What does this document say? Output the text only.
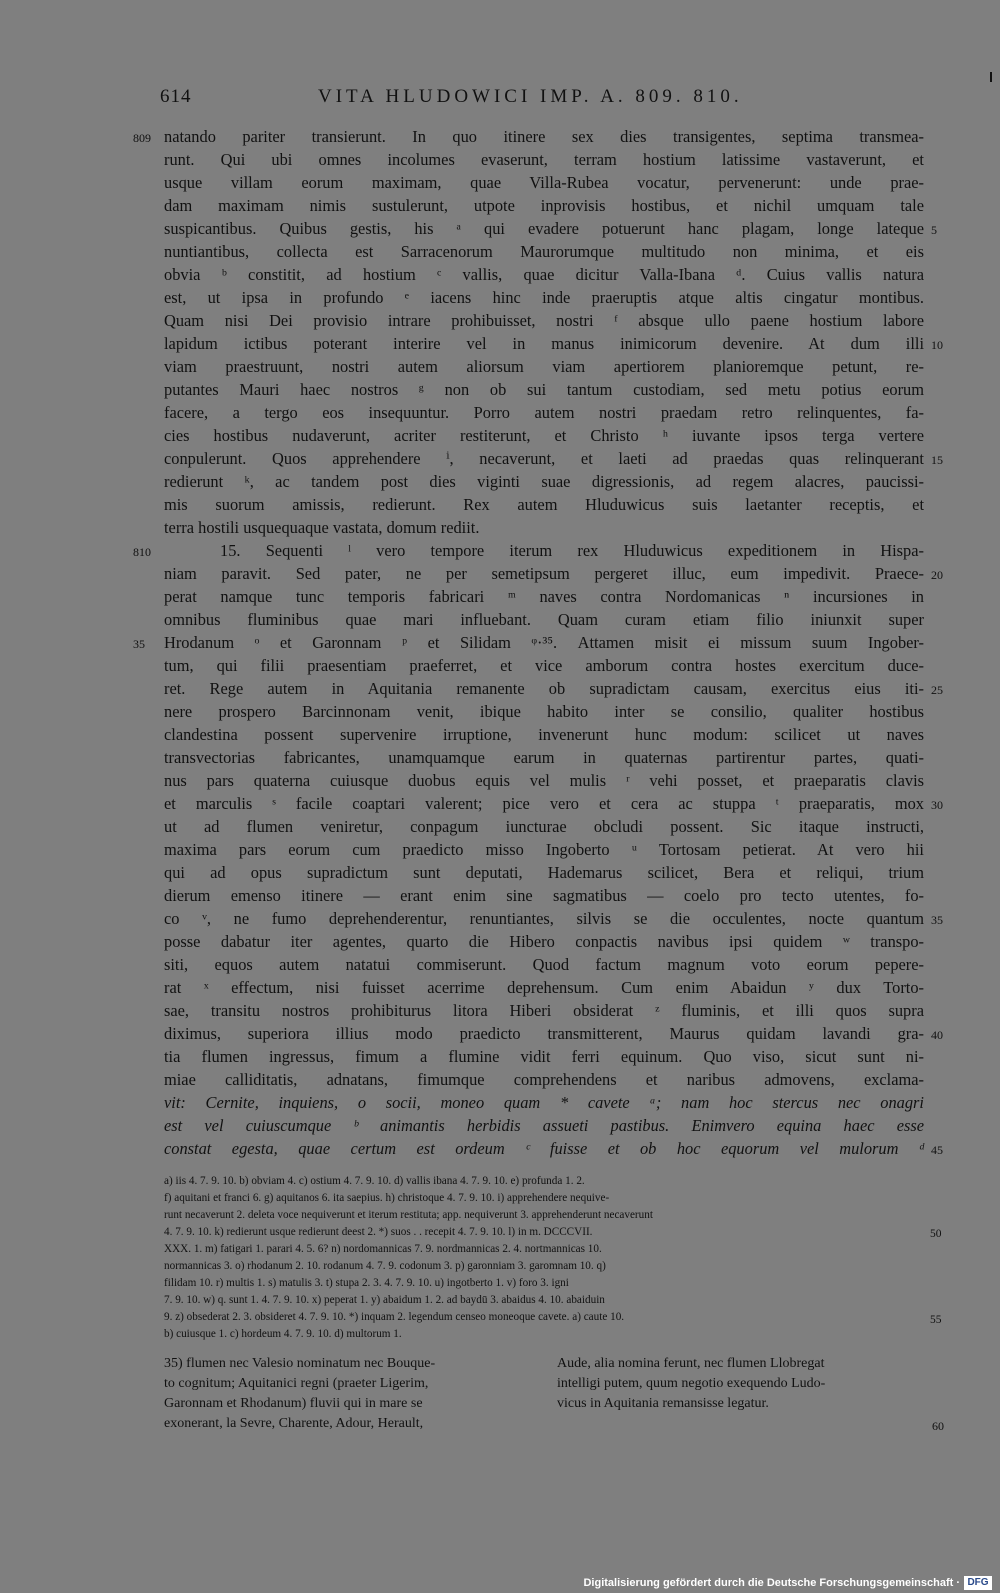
614	VITA HLUDOWICI IMP. A. 809. 810.
natando pariter transierunt. In quo itinere sex dies transigentes, septima transmea-
runt. Qui ubi omnes incolumes evaserunt, terram hostium latissime vastaverunt, et
usque villam eorum maximam, quae Villa-Rubea vocatur, pervenerunt: unde prae-
dam maximam nimis sustulerunt, utpote inprovisis hostibus, et nichil umquam tale
suspicantibus. Quibus gestis, his ᵃ qui evadere potuerunt hanc plagam, longe lateque
nuntiantibus, collecta est Sarracenorum Maurorumque multitudo non minima, et eis
obvia ᵇ constitit, ad hostium ᶜ vallis, quae dicitur Valla-Ibana ᵈ. Cuius vallis natura
est, ut ipsa in profundo ᵉ iacens hinc inde praeruptis atque altis cingatur montibus.
Quam nisi Dei provisio intrare prohibuisset, nostri ᶠ absque ullo paene hostium labore
lapidum ictibus poterant interire vel in manus inimicorum devenire. At dum illi
viam praestruunt, nostri autem aliorsum viam apertiorem planioremque petunt, re-
putantes Mauri haec nostros ᵍ non ob sui tantum custodiam, sed metu potius eorum
facere, a tergo eos insequuntur. Porro autem nostri praedam retro relinquentes, fa-
cies hostibus nudaverunt, acriter restiterunt, et Christo ʰ iuvante ipsos terga vertere
conpulerunt. Quos apprehendere ⁱ, necaverunt, et laeti ad praedas quas relinquerant
redierunt ᵏ, ac tandem post dies viginti suae digressionis, ad regem alacres, paucissi-
mis suorum amissis, redierunt. Rex autem Hluduwicus suis laetanter receptis, et
terra hostili usquequaque vastata, domum rediit.
15. Sequenti ˡ vero tempore iterum rex Hluduwicus expeditionem in Hispa-
niam paravit. Sed pater, ne per semetipsum pergeret illuc, eum impedivit. Praece-
perat namque tunc temporis fabricari ᵐ naves contra Nordomanicas ⁿ incursiones in
omnibus fluminibus quae mari influebant. Quam curam etiam filio iniunxit super
Hrodanum ᵒ et Garonnam ᵖ et Silidam ᵠ·³⁵. Attamen misit ei missum suum Ingober-
tum, qui filii praesentiam praeferret, et vice amborum contra hostes exercitum duce-
ret. Rege autem in Aquitania remanente ob supradictam causam, exercitus eius iti-
nere prospero Barcinnonam venit, ibique habito inter se consilio, qualiter hostibus
clandestina possent supervenire irruptione, invenerunt hunc modum: scilicet ut naves
transvectorias fabricantes, unamquamque earum in quaternas partirentur partes, quati-
nus pars quaterna cuiusque duobus equis vel mulis ʳ vehi posset, et praeparatis clavis
et marculis ˢ facile coaptari valerent; pice vero et cera ac stuppa ᵗ praeparatis, mox
ut ad flumen veniretur, conpagum iuncturae obcludi possent. Sic itaque instructi,
maxima pars eorum cum praedicto misso Ingoberto ᵘ Tortosam petierat. At vero hii
qui ad opus supradictum sunt deputati, Hademarus scilicet, Bera et reliqui, trium
dierum emenso itinere — erant enim sine sagmatibus — coelo pro tecto utentes, fo-
co ᵛ, ne fumo deprehenderentur, renuntiantes, silvis se die occulentes, nocte quantum
posse dabatur iter agentes, quarto die Hibero conpactis navibus ipsi quidem ʷ transpo-
siti, equos autem natatui commiserunt. Quod factum magnum voto eorum pepere-
rat ˣ effectum, nisi fuisset acerrime deprehensum. Cum enim Abaidun ʸ dux Torto-
sae, transitu nostros prohibiturus litora Hiberi obsiderat ᶻ fluminis, et illi quos supra
diximus, superiora illius modo praedicto transmitterent, Maurus quidam lavandi gra-
tia flumen ingressus, fimum a flumine vidit ferri equinum. Quo viso, sicut sunt ni-
miae calliditatis, adnatans, fimumque comprehendens et naribus admovens, exclama-
vit: Cernite, inquiens, o socii, moneo quam * cavete ᵃ; nam hoc stercus nec onagri
est vel cuiuscumque ᵇ animantis herbidis assueti pastibus. Enimvero equina haec esse
constat egesta, quae certum est ordeum ᶜ fuisse et ob hoc equorum vel mulorum ᵈ
809
810
35
5
10
15
20
25
30
35
40
45
a) iis 4. 7. 9. 10. b) obviam 4. c) ostium 4. 7. 9. 10. d) vallis ibana 4. 7. 9. 10. e) profunda 1. 2.
f) aquitani et franci 6. g) aquitanos 6. ita saepius. h) christoque 4. 7. 9. 10. i) apprehendere nequive-
runt necaverunt 2. deleta voce nequiverunt et iterum restituta; app. nequiverunt 3. apprehenderunt necaverunt
4. 7. 9. 10. k) redierunt usque redierunt deest 2. *) suos . . recepit 4. 7. 9. 10. l) in m. DCCCVII.
XXX. 1. m) fatigari 1. parari 4. 5. 6? n) nordomannicas 7. 9. nordmannicas 2. 4. nortmannicas 10.
normannicas 3. o) rhodanum 2. 10. rodanum 4. 7. 9. codonum 3. p) garonniam 3. garomnam 10. q)
filidam 10. r) multis 1. s) matulis 3. t) stupa 2. 3. 4. 7. 9. 10. u) ingotberto 1. v) foro 3. igni
7. 9. 10. w) q. sunt 1. 4. 7. 9. 10. x) peperat 1. y) abaidum 1. 2. ad baydū 3. abaidus 4. 10. abaiduin
9. z) obsederat 2. 3. obsideret 4. 7. 9. 10. *) inquam 2. legendum censeo moneoque cavete. a) caute 10.
b) cuiusque 1. c) hordeum 4. 7. 9. 10. d) multorum 1.
50
55
35) flumen nec Valesio nominatum nec Bouque-
to cognitum; Aquitanici regni (praeter Ligerim,
Garonnam et Rhodanum) fluvii qui in mare se
exonerant, la Sevre, Charente, Adour, Herault,
Aude, alia nomina ferunt, nec flumen Llobregat
intelligi putem, quum negotio exequendo Ludo-
vicus in Aquitania remansisse legatur.
60
Digitalisierung gefördert durch die Deutsche Forschungsgemeinschaft · DFG
